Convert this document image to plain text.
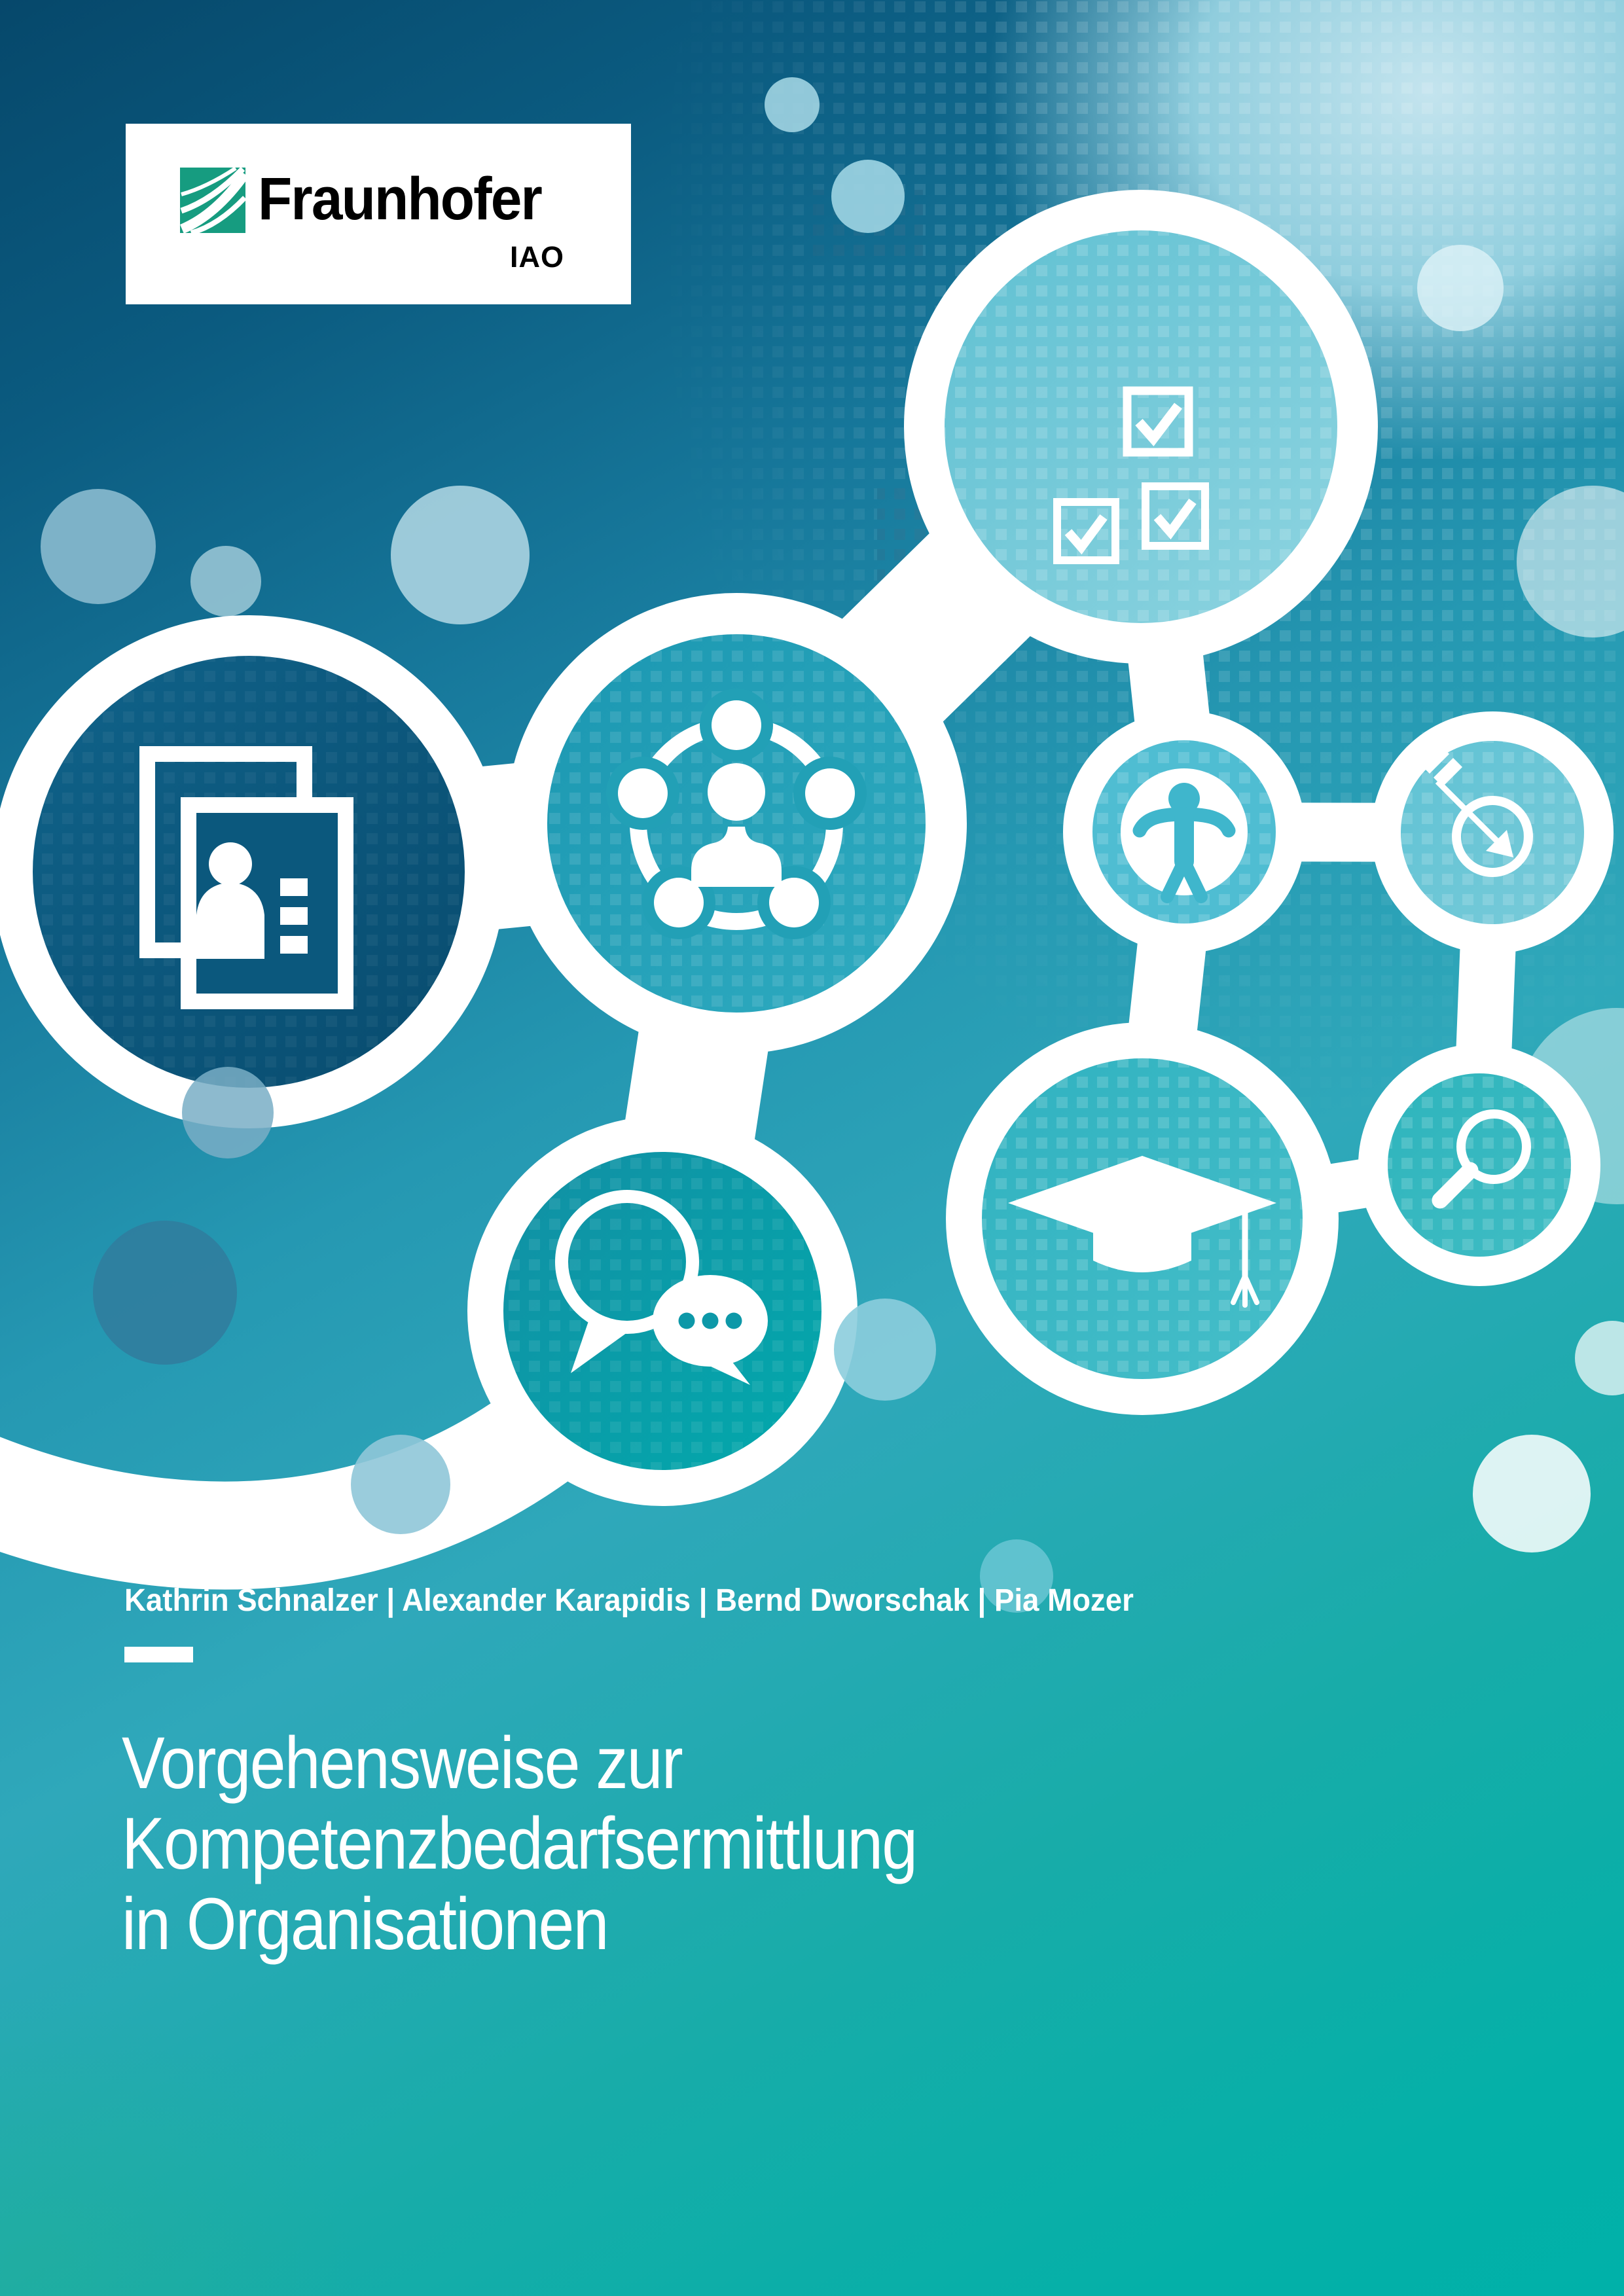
Fraunhofer
IAO
Kathrin Schnalzer | Alexander Karapidis | Bernd Dworschak | Pia Mozer
Vorgehensweise zur
Kompetenzbedarfsermittlung
in Organisationen
